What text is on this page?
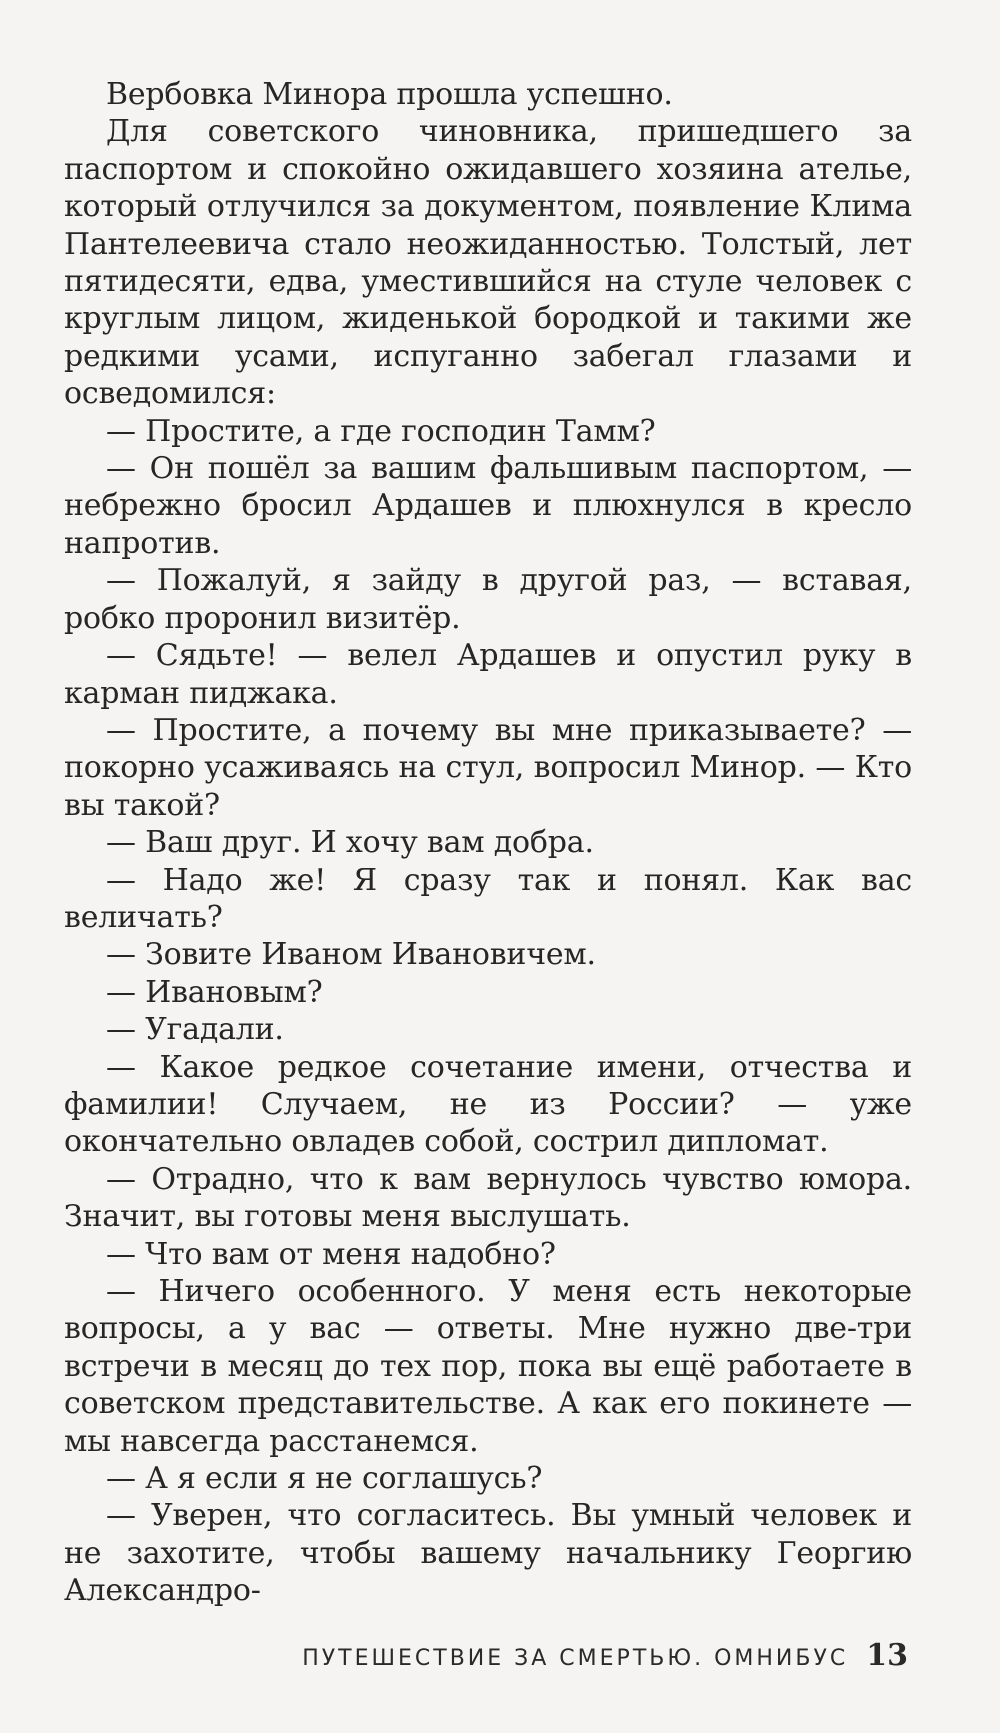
Вербовка Минора прошла успешно.

Для советского чиновника, пришедшего за паспортом и спокойно ожидавшего хозяина ателье, который отлучился за документом, появление Клима Пантелеевича стало неожиданностью. Толстый, лет пятидесяти, едва, уместившийся на стуле человек с круглым лицом, жиденькой бородкой и такими же редкими усами, испуганно забегал глазами и осведомился:

— Простите, а где господин Тамм?

— Он пошёл за вашим фальшивым паспортом, — небрежно бросил Ардашев и плюхнулся в кресло напротив.

— Пожалуй, я зайду в другой раз, — вставая, робко проронил визитёр.

— Сядьте! — велел Ардашев и опустил руку в карман пиджака.

— Простите, а почему вы мне приказываете? — покорно усаживаясь на стул, вопросил Минор. — Кто вы такой?

— Ваш друг. И хочу вам добра.

— Надо же! Я сразу так и понял. Как вас величать?

— Зовите Иваном Ивановичем.

— Ивановым?

— Угадали.

— Какое редкое сочетание имени, отчества и фамилии! Случаем, не из России? — уже окончательно овладев собой, сострил дипломат.

— Отрадно, что к вам вернулось чувство юмора. Значит, вы готовы меня выслушать.

— Что вам от меня надобно?

— Ничего особенного. У меня есть некоторые вопросы, а у вас — ответы. Мне нужно две-три встречи в месяц до тех пор, пока вы ещё работаете в советском представительстве. А как его покинете — мы навсегда расстанемся.

— А я если я не соглашусь?

— Уверен, что согласитесь. Вы умный человек и не захотите, чтобы вашему начальнику Георгию Александро-

ПУТЕШЕСТВИЕ ЗА СМЕРТЬЮ. ОМНИБУС 13
